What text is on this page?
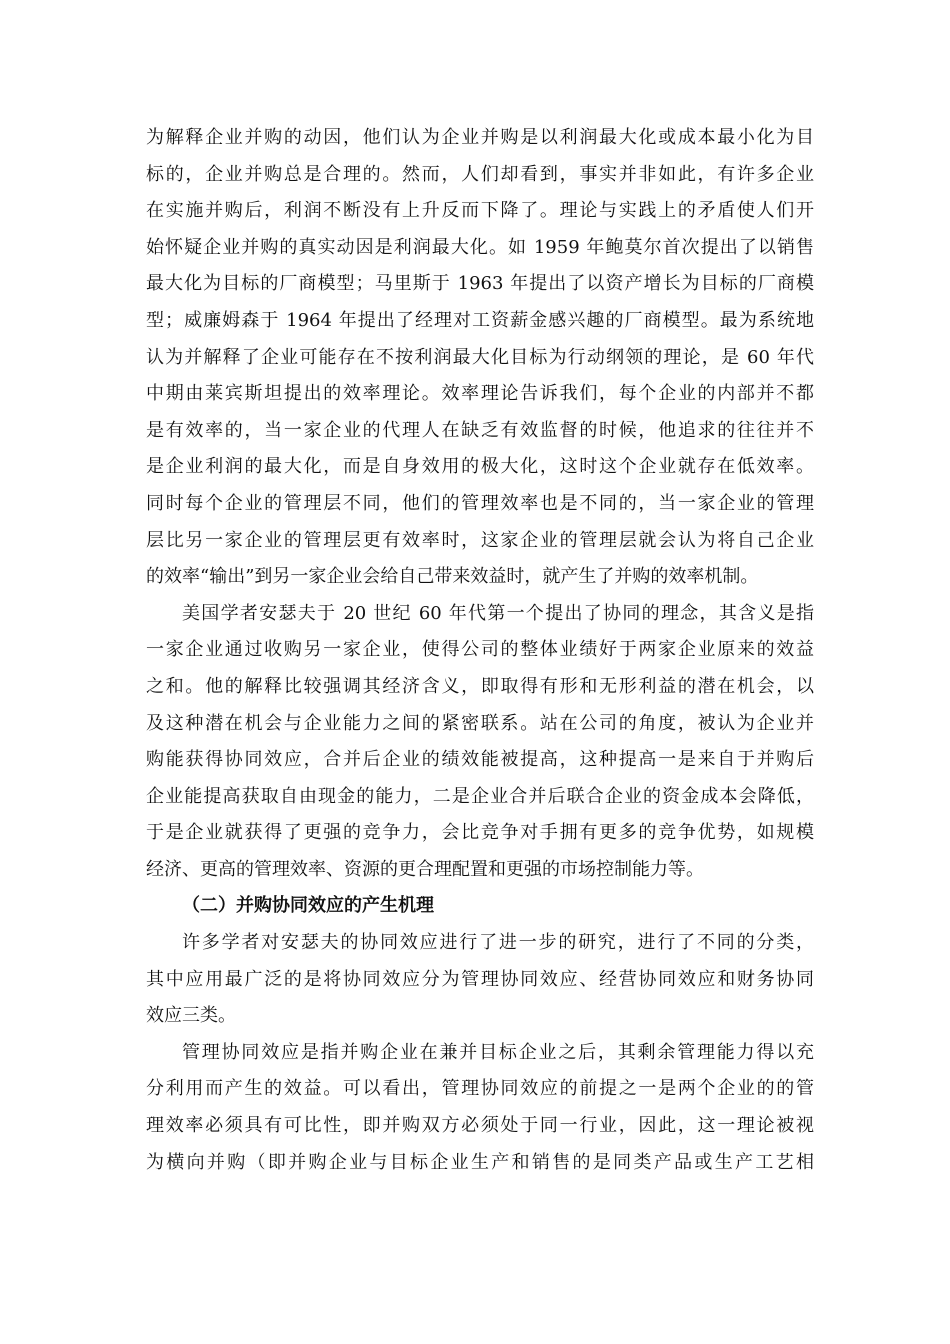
为解释企业并购的动因，他们认为企业并购是以利润最大化或成本最小化为目
标的，企业并购总是合理的。然而，人们却看到，事实并非如此，有许多企业
在实施并购后，利润不断没有上升反而下降了。理论与实践上的矛盾使人们开
始怀疑企业并购的真实动因是利润最大化。如 1959 年鲍莫尔首次提出了以销售
最大化为目标的厂商模型；马里斯于 1963 年提出了以资产增长为目标的厂商模
型；威廉姆森于 1964 年提出了经理对工资薪金感兴趣的厂商模型。最为系统地
认为并解释了企业可能存在不按利润最大化目标为行动纲领的理论，是 60 年代
中期由莱宾斯坦提出的效率理论。效率理论告诉我们，每个企业的内部并不都
是有效率的，当一家企业的代理人在缺乏有效监督的时候，他追求的往往并不
是企业利润的最大化，而是自身效用的极大化，这时这个企业就存在低效率。
同时每个企业的管理层不同，他们的管理效率也是不同的，当一家企业的管理
层比另一家企业的管理层更有效率时，这家企业的管理层就会认为将自己企业
的效率“输出”到另一家企业会给自己带来效益时，就产生了并购的效率机制。
美国学者安瑟夫于 20 世纪 60 年代第一个提出了协同的理念，其含义是指
一家企业通过收购另一家企业，使得公司的整体业绩好于两家企业原来的效益
之和。他的解释比较强调其经济含义，即取得有形和无形利益的潜在机会，以
及这种潜在机会与企业能力之间的紧密联系。站在公司的角度，被认为企业并
购能获得协同效应，合并后企业的绩效能被提高，这种提高一是来自于并购后
企业能提高获取自由现金的能力，二是企业合并后联合企业的资金成本会降低，
于是企业就获得了更强的竞争力，会比竞争对手拥有更多的竞争优势，如规模
经济、更高的管理效率、资源的更合理配置和更强的市场控制能力等。
（二）并购协同效应的产生机理
许多学者对安瑟夫的协同效应进行了进一步的研究，进行了不同的分类，
其中应用最广泛的是将协同效应分为管理协同效应、经营协同效应和财务协同
效应三类。
管理协同效应是指并购企业在兼并目标企业之后，其剩余管理能力得以充
分利用而产生的效益。可以看出，管理协同效应的前提之一是两个企业的的管
理效率必须具有可比性，即并购双方必须处于同一行业，因此，这一理论被视
为横向并购（即并购企业与目标企业生产和销售的是同类产品或生产工艺相
